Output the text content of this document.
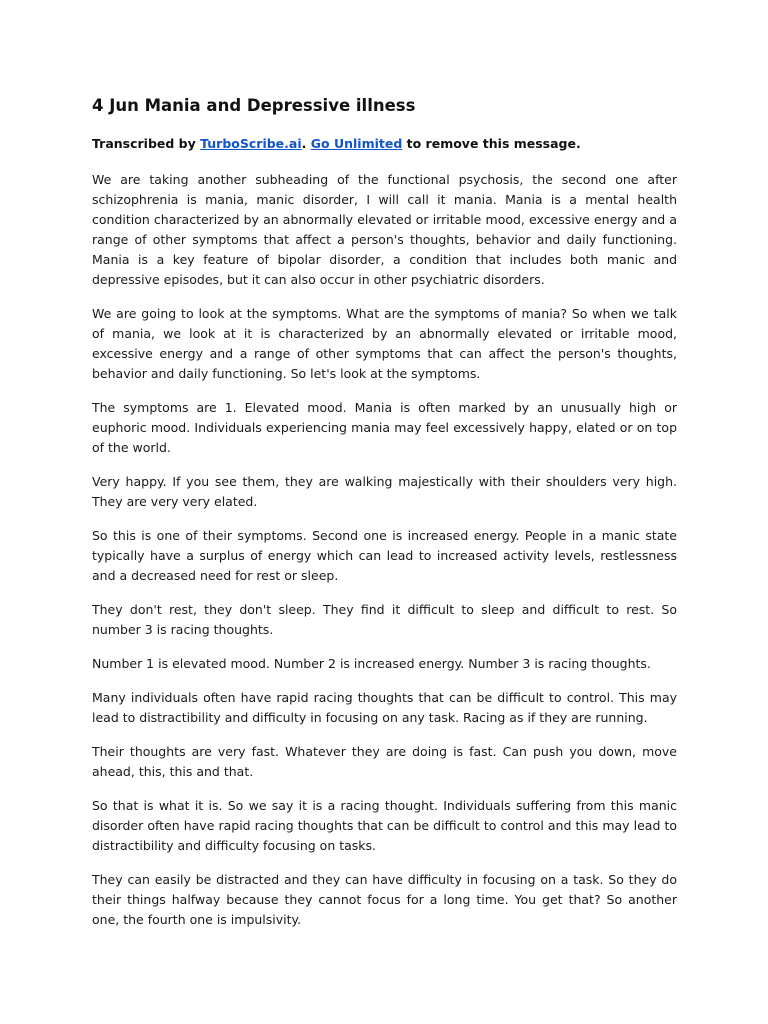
4 Jun Mania and Depressive illness

Transcribed by TurboScribe.ai. Go Unlimited to remove this message.

We are taking another subheading of the functional psychosis, the second one after schizophrenia is mania, manic disorder, I will call it mania. Mania is a mental health condition characterized by an abnormally elevated or irritable mood, excessive energy and a range of other symptoms that affect a person's thoughts, behavior and daily functioning. Mania is a key feature of bipolar disorder, a condition that includes both manic and depressive episodes, but it can also occur in other psychiatric disorders.

We are going to look at the symptoms. What are the symptoms of mania? So when we talk of mania, we look at it is characterized by an abnormally elevated or irritable mood, excessive energy and a range of other symptoms that can affect the person's thoughts, behavior and daily functioning. So let's look at the symptoms.

The symptoms are 1. Elevated mood. Mania is often marked by an unusually high or euphoric mood. Individuals experiencing mania may feel excessively happy, elated or on top of the world.

Very happy. If you see them, they are walking majestically with their shoulders very high. They are very very elated.

So this is one of their symptoms. Second one is increased energy. People in a manic state typically have a surplus of energy which can lead to increased activity levels, restlessness and a decreased need for rest or sleep.

They don't rest, they don't sleep. They find it difficult to sleep and difficult to rest. So number 3 is racing thoughts.

Number 1 is elevated mood. Number 2 is increased energy. Number 3 is racing thoughts.

Many individuals often have rapid racing thoughts that can be difficult to control. This may lead to distractibility and difficulty in focusing on any task. Racing as if they are running.

Their thoughts are very fast. Whatever they are doing is fast. Can push you down, move ahead, this, this and that.

So that is what it is. So we say it is a racing thought. Individuals suffering from this manic disorder often have rapid racing thoughts that can be difficult to control and this may lead to distractibility and difficulty focusing on tasks.

They can easily be distracted and they can have difficulty in focusing on a task. So they do their things halfway because they cannot focus for a long time. You get that? So another one, the fourth one is impulsivity.
